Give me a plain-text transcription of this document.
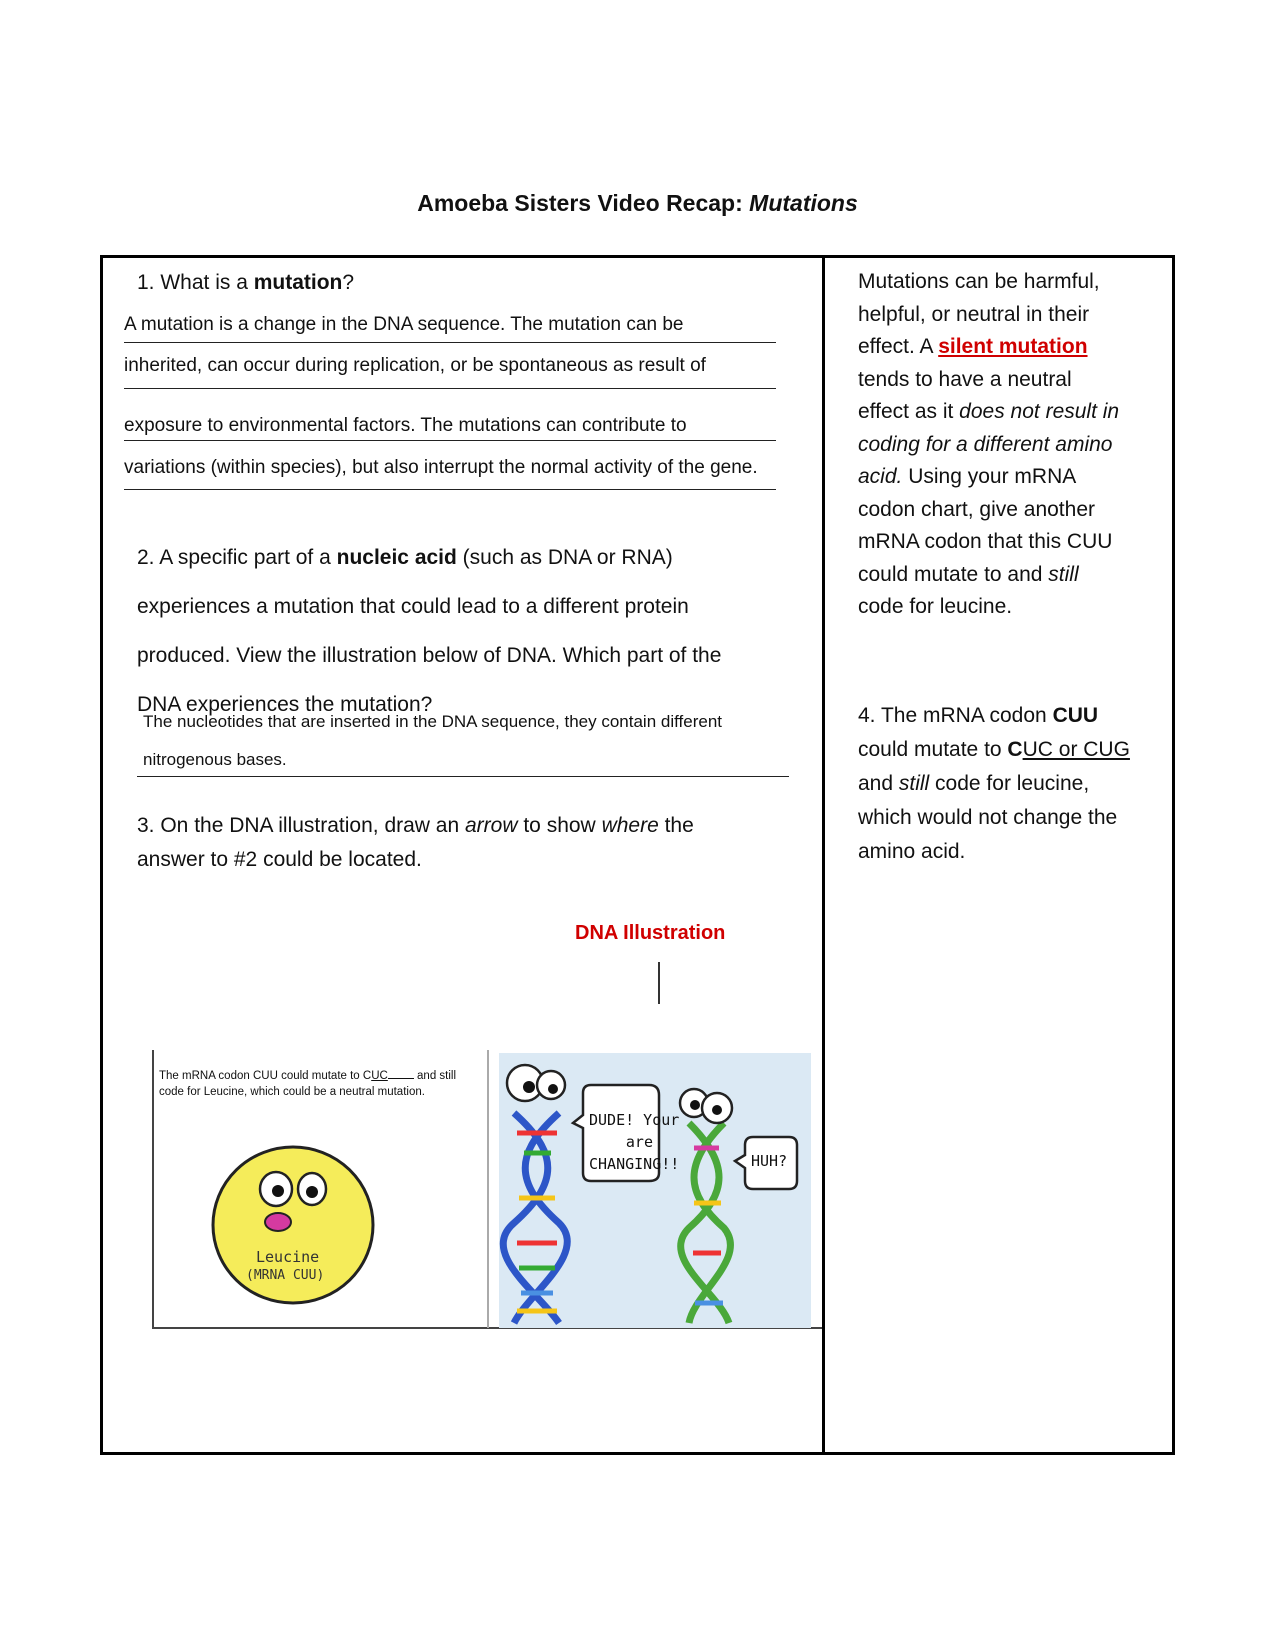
Amoeba Sisters Video Recap: Mutations
1. What is a mutation?
A mutation is a change in the DNA sequence. The mutation can be
inherited, can occur during replication, or be spontaneous as result of
exposure to environmental factors. The mutations can contribute to
variations (within species), but also interrupt the normal activity of the gene.
2. A specific part of a nucleic acid (such as DNA or RNA)
experiences a mutation that could lead to a different protein
produced. View the illustration below of DNA. Which part of the
DNA experiences the mutation?
The nucleotides that are inserted in the DNA sequence, they contain different
nitrogenous bases.
3. On the DNA illustration, draw an arrow to show where the
answer to #2 could be located.
DNA Illustration
The mRNA codon CUU could mutate to CUC	and still
code for Leucine, which could be a neutral mutation.
Leucine
(MRNA CUU)
DUDE! Your
are
CHANGING!!	HUH?
Mutations can be harmful,
helpful, or neutral in their
effect. A silent mutation
tends to have a neutral
effect as it does not result in
coding for a different amino
acid. Using your mRNA
codon chart, give another
mRNA codon that this CUU
could mutate to and still
code for leucine.
4. The mRNA codon CUU
could mutate to CUC or CUG
and still code for leucine,
which would not change the
amino acid.
